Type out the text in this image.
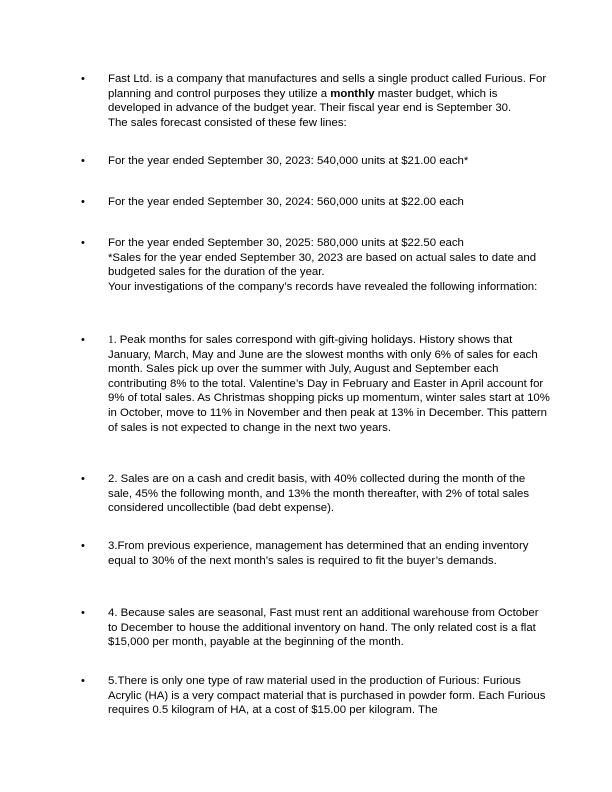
•	Fast Ltd. is a company that manufactures and sells a single product called Furious. For planning and control purposes they utilize a monthly master budget, which is developed in advance of the budget year. Their fiscal year end is September 30.

The sales forecast consisted of these few lines:

•	For the year ended September 30, 2023: 540,000 units at $21.00 each*
•	For the year ended September 30, 2024: 560,000 units at $22.00 each
•	For the year ended September 30, 2025: 580,000 units at $22.50 each

*Sales for the year ended September 30, 2023 are based on actual sales to date and budgeted sales for the duration of the year.

Your investigations of the company’s records have revealed the following information:

•	1. Peak months for sales correspond with gift-giving holidays. History shows that January, March, May and June are the slowest months with only 6% of sales for each month. Sales pick up over the summer with July, August and September each contributing 8% to the total. Valentine’s Day in February and Easter in April account for 9% of total sales. As Christmas shopping picks up momentum, winter sales start at 10% in October, move to 11% in November and then peak at 13% in December. This pattern of sales is not expected to change in the next two years.
•	2. Sales are on a cash and credit basis, with 40% collected during the month of the sale, 45% the following month, and 13% the month thereafter, with 2% of total sales considered uncollectible (bad debt expense).
•	3.From previous experience, management has determined that an ending inventory equal to 30% of the next month’s sales is required to fit the buyer’s demands.
•	4. Because sales are seasonal, Fast must rent an additional warehouse from October to December to house the additional inventory on hand. The only related cost is a flat $15,000 per month, payable at the beginning of the month.
•	5.There is only one type of raw material used in the production of Furious: Furious Acrylic (HA) is a very compact material that is purchased in powder form. Each Furious requires 0.5 kilogram of HA, at a cost of $15.00 per kilogram. The
